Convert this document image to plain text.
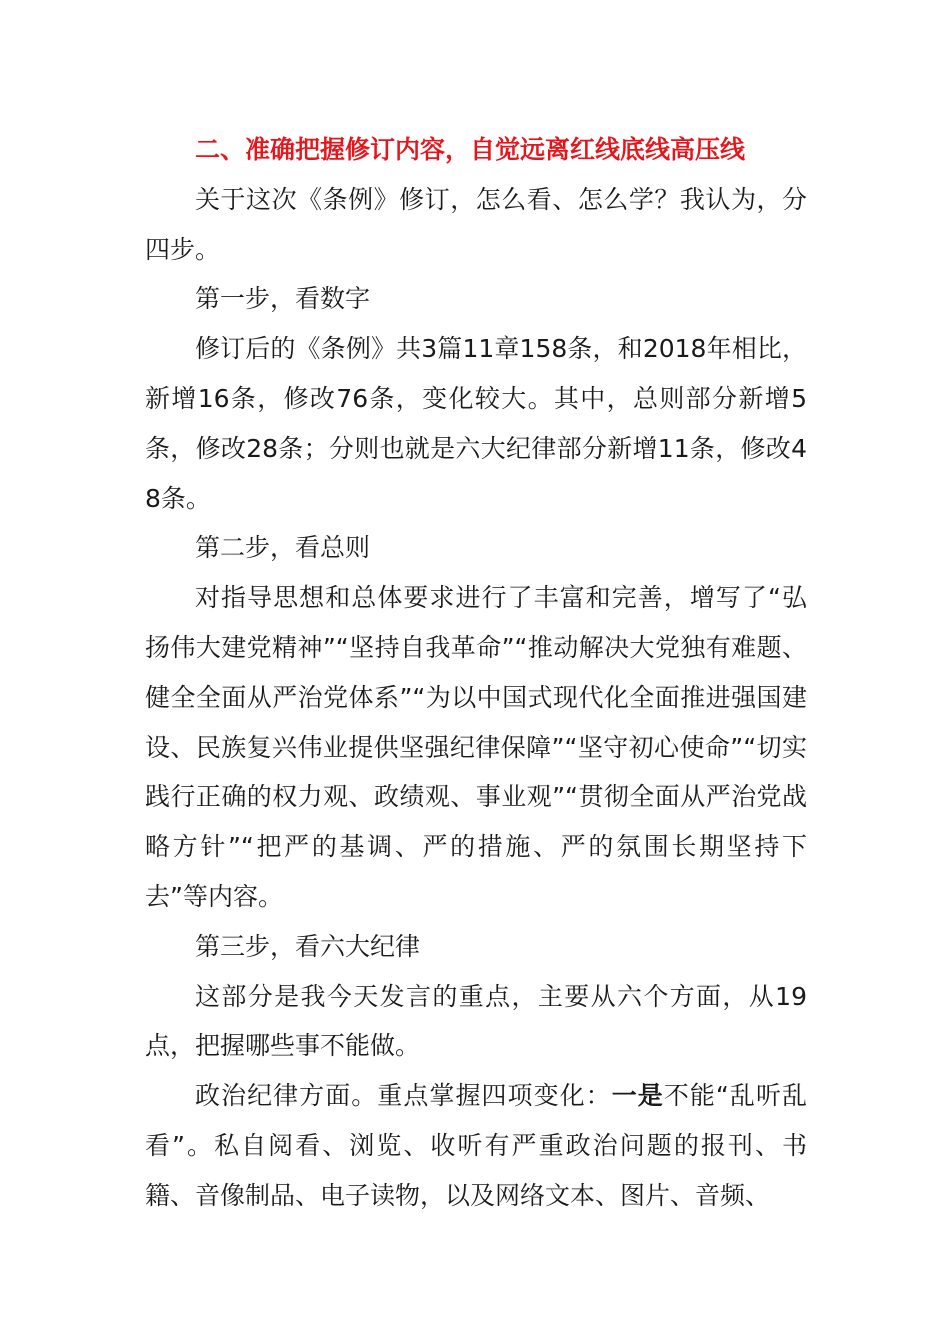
二、准确把握修订内容，自觉远离红线底线高压线

关于这次《条例》修订，怎么看、怎么学？我认为，分四步。

第一步，看数字

修订后的《条例》共3篇11章158条，和2018年相比，新增16条，修改76条，变化较大。其中，总则部分新增5条，修改28条；分则也就是六大纪律部分新增11条，修改48条。

第二步，看总则

对指导思想和总体要求进行了丰富和完善，增写了“弘扬伟大建党精神”“坚持自我革命”“推动解决大党独有难题、健全全面从严治党体系”“为以中国式现代化全面推进强国建设、民族复兴伟业提供坚强纪律保障”“坚守初心使命”“切实践行正确的权力观、政绩观、事业观”“贯彻全面从严治党战略方针”“把严的基调、严的措施、严的氛围长期坚持下去”等内容。

第三步，看六大纪律

这部分是我今天发言的重点，主要从六个方面，从19点，把握哪些事不能做。

政治纪律方面。重点掌握四项变化：一是不能“乱听乱看”。私自阅看、浏览、收听有严重政治问题的报刊、书籍、音像制品、电子读物，以及网络文本、图片、音频、
